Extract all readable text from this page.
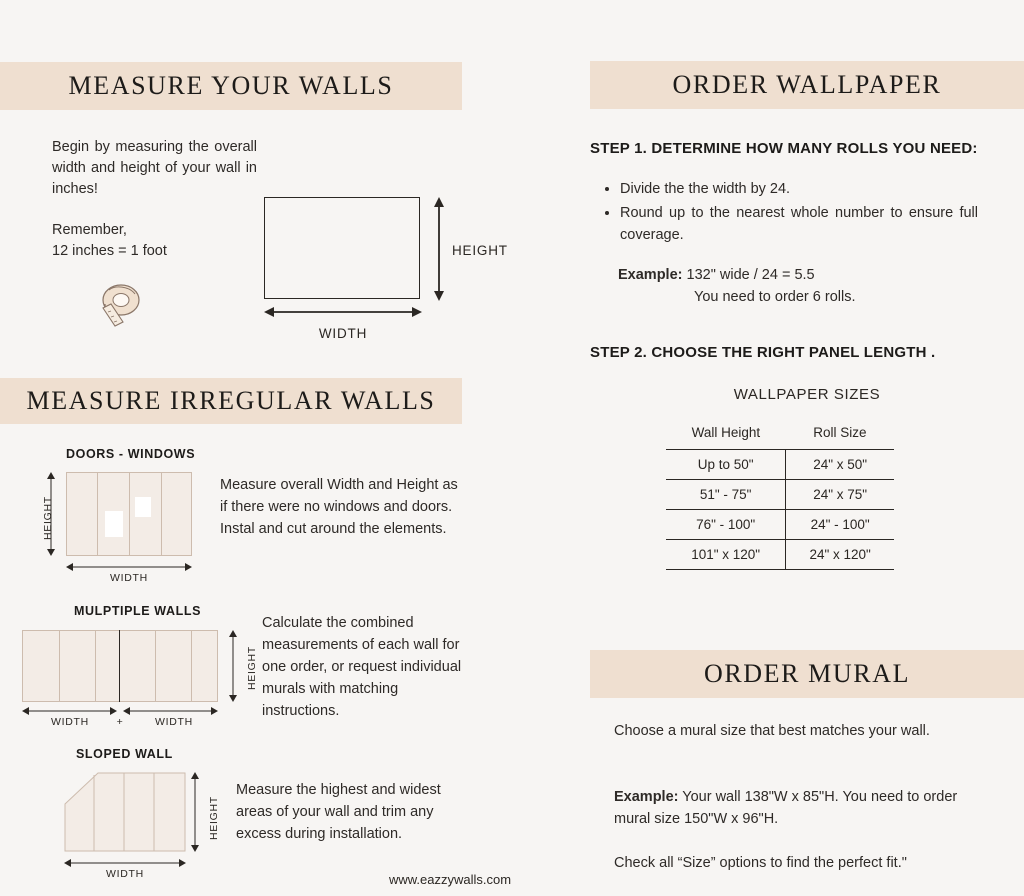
MEASURE YOUR WALLS
MEASURE IRREGULAR WALLS
ORDER WALLPAPER
ORDER MURAL
Begin by measuring the overall width and height of your wall in inches!
Remember,
12 inches = 1 foot
WIDTH
HEIGHT
DOORS - WINDOWS
HEIGHT
WIDTH
Measure overall Width and Height as if there were no windows and doors. Instal and cut around the elements.
MULPTIPLE WALLS
HEIGHT
WIDTH	+	WIDTH
Calculate the combined measurements of each wall for one order, or request individual murals with matching instructions.
SLOPED WALL
HEIGHT
WIDTH
Measure the highest and widest areas of your wall and trim any excess during installation.
STEP 1. DETERMINE HOW MANY ROLLS YOU NEED:
• Divide the the width by 24.
• Round up to the nearest whole number to ensure full coverage.
Example: 132" wide / 24 = 5.5
You need to order 6 rolls.
STEP 2. CHOOSE THE RIGHT PANEL LENGTH .
WALLPAPER SIZES
Wall Height	Roll Size
Up to 50"	24" x 50"
51" - 75"	24" x 75"
76" - 100"	24" - 100"
101" x 120"	24" x 120"
Choose a mural size that best matches your wall.
Example: Your wall 138"W x 85"H. You need to order mural size 150"W x 96"H.
Check all “Size” options to find the perfect fit."
www.eazzywalls.com
